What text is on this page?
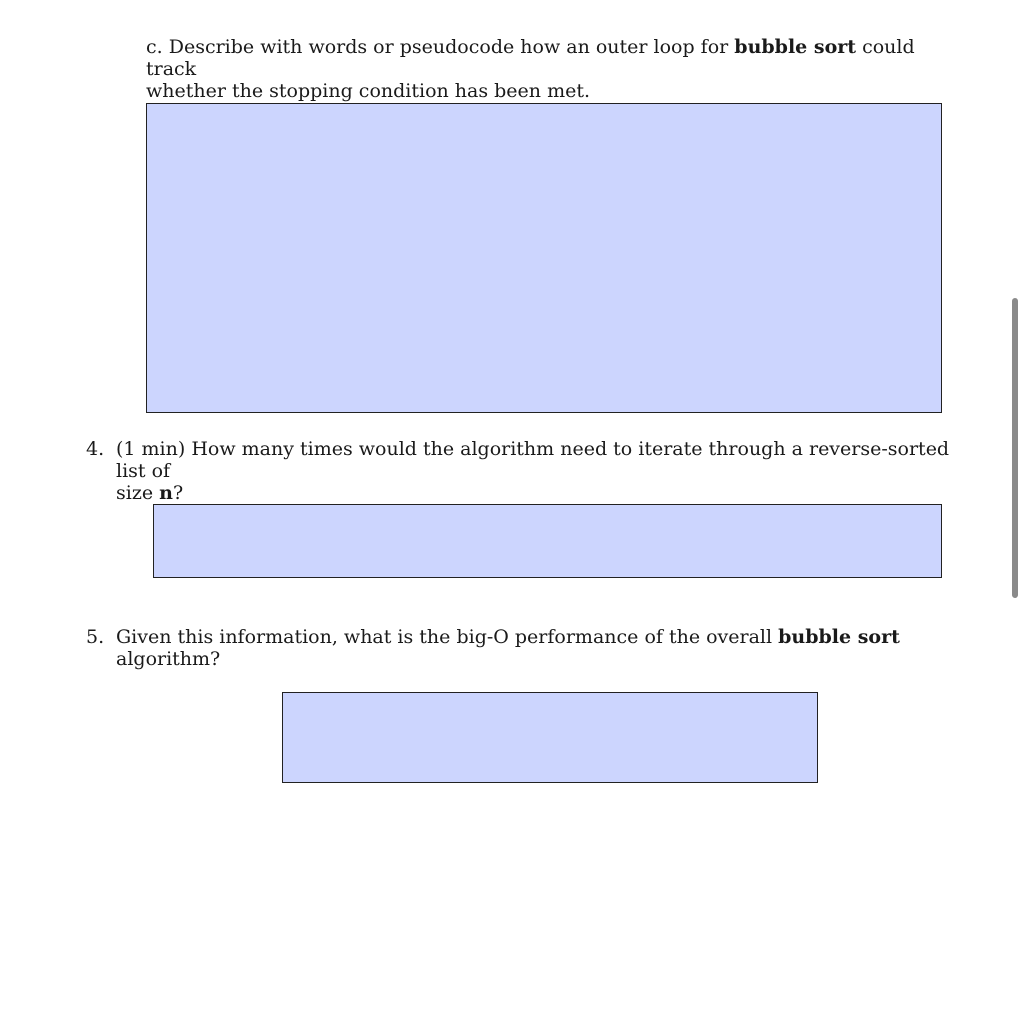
c. Describe with words or pseudocode how an outer loop for bubble sort could track
whether the stopping condition has been met.
4. (1 min) How many times would the algorithm need to iterate through a reverse-sorted list of
size n?
5. Given this information, what is the big-O performance of the overall bubble sort
algorithm?
